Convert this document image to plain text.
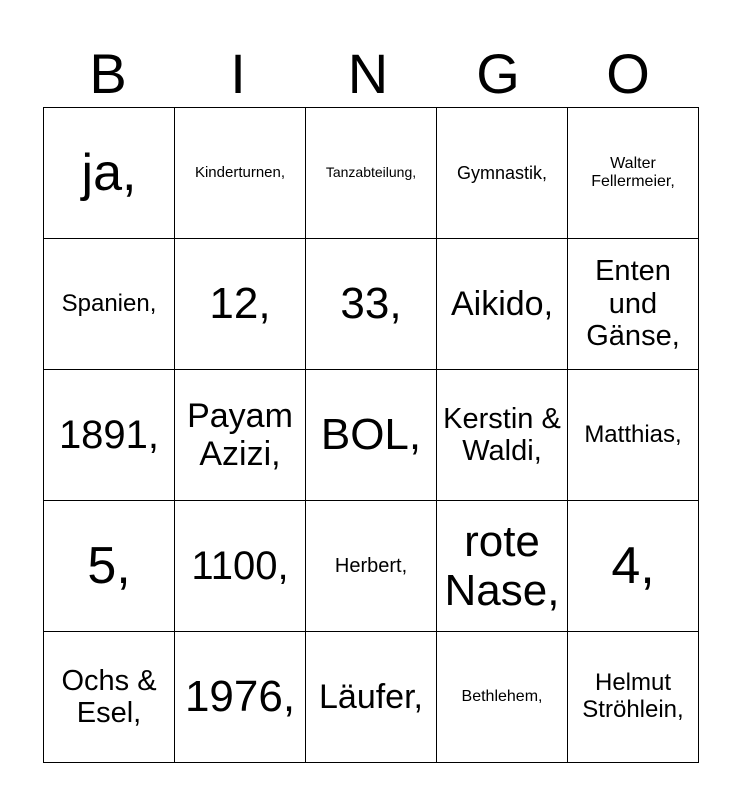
B	I	N	G	O
ja,	Kinderturnen,	Tanzabteilung,	Gymnastik,	Walter Fellermeier,
Spanien,	12,	33,	Aikido,	Enten und Gänse,
1891,	Payam Azizi,	BOL,	Kerstin & Waldi,	Matthias,
5,	1100,	Herbert,	rote Nase,	4,
Ochs & Esel,	1976,	Läufer,	Bethlehem,	Helmut Ströhlein,
